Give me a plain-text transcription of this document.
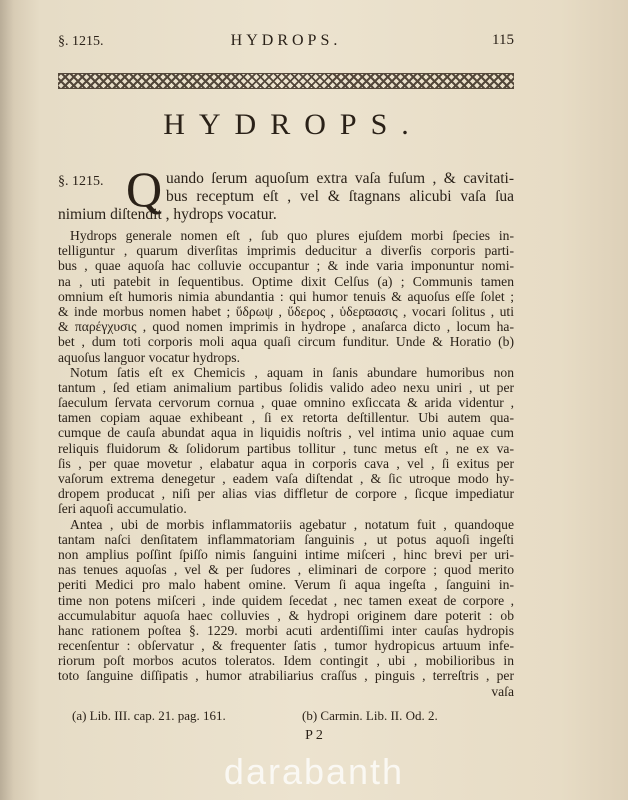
§. 1215.	HYDROPS.	115
HYDROPS.
§. 1215. Q uando ſerum aquoſum extra vaſa fuſum , & cavitati-
bus receptum eſt , vel & ſtagnans alicubi vaſa ſua
nimium diſtendit , hydrops vocatur.
Hydrops generale nomen eſt , ſub quo plures ejuſdem morbi ſpecies in-
telliguntur , quarum diverſitas imprimis deducitur a diverſis corporis parti-
bus , quae aquoſa hac colluvie occupantur ; & inde varia imponuntur nomi-
na , uti patebit in ſequentibus. Optime dixit Celſus (a) ; Communis tamen
omnium eſt humoris nimia abundantia : qui humor tenuis & aquoſus eſſe ſolet ;
& inde morbus nomen habet ; ὕδρωψ , ὕδερος , ὑδερϖασις , vocari ſolitus , uti
& παρέγχυσις , quod nomen imprimis in hydrope , anaſarca dicto , locum ha-
bet , dum toti corporis moli aqua quaſi circum funditur. Unde & Horatio (b)
aquoſus languor vocatur hydrops.
Notum ſatis eſt ex Chemicis , aquam in ſanis abundare humoribus non
tantum , ſed etiam animalium partibus ſolidis valido adeo nexu uniri , ut per
ſaeculum ſervata cervorum cornua , quae omnino exſiccata & arida videntur ,
tamen copiam aquae exhibeant , ſi ex retorta deſtillentur. Ubi autem qua-
cumque de cauſa abundat aqua in liquidis noſtris , vel intima unio aquae cum
reliquis fluidorum & ſolidorum partibus tollitur , tunc metus eſt , ne ex va-
ſis , per quae movetur , elabatur aqua in corporis cava , vel , ſi exitus per
vaſorum extrema denegetur , eadem vaſa diſtendat , & ſic utroque modo hy-
dropem producat , niſi per alias vias diffletur de corpore , ſicque impediatur
ſeri aquoſi accumulatio.
Antea , ubi de morbis inflammatoriis agebatur , notatum fuit , quandoque
tantam naſci denſitatem inflammatoriam ſanguinis , ut potus aquoſi ingeſti
non amplius poſſint ſpiſſo nimis ſanguini intime miſceri , hinc brevi per uri-
nas tenues aquoſas , vel & per ſudores , eliminari de corpore ; quod merito
periti Medici pro malo habent omine. Verum ſi aqua ingeſta , ſanguini in-
time non potens miſceri , inde quidem ſecedat , nec tamen exeat de corpore ,
accumulabitur aquoſa haec colluvies , & hydropi originem dare poterit : ob
hanc rationem poſtea §. 1229. morbi acuti ardentiſſimi inter cauſas hydropis
recenſentur : obſervatur , & frequenter ſatis , tumor hydropicus artuum infe-
riorum poſt morbos acutos toleratos. Idem contingit , ubi , mobilioribus in
toto ſanguine diſſipatis , humor atrabiliarius craſſus , pinguis , terreſtris , per
vaſa
(a) Lib. III. cap. 21. pag. 161.	(b) Carmin. Lib. II. Od. 2.
P 2
darabanth
